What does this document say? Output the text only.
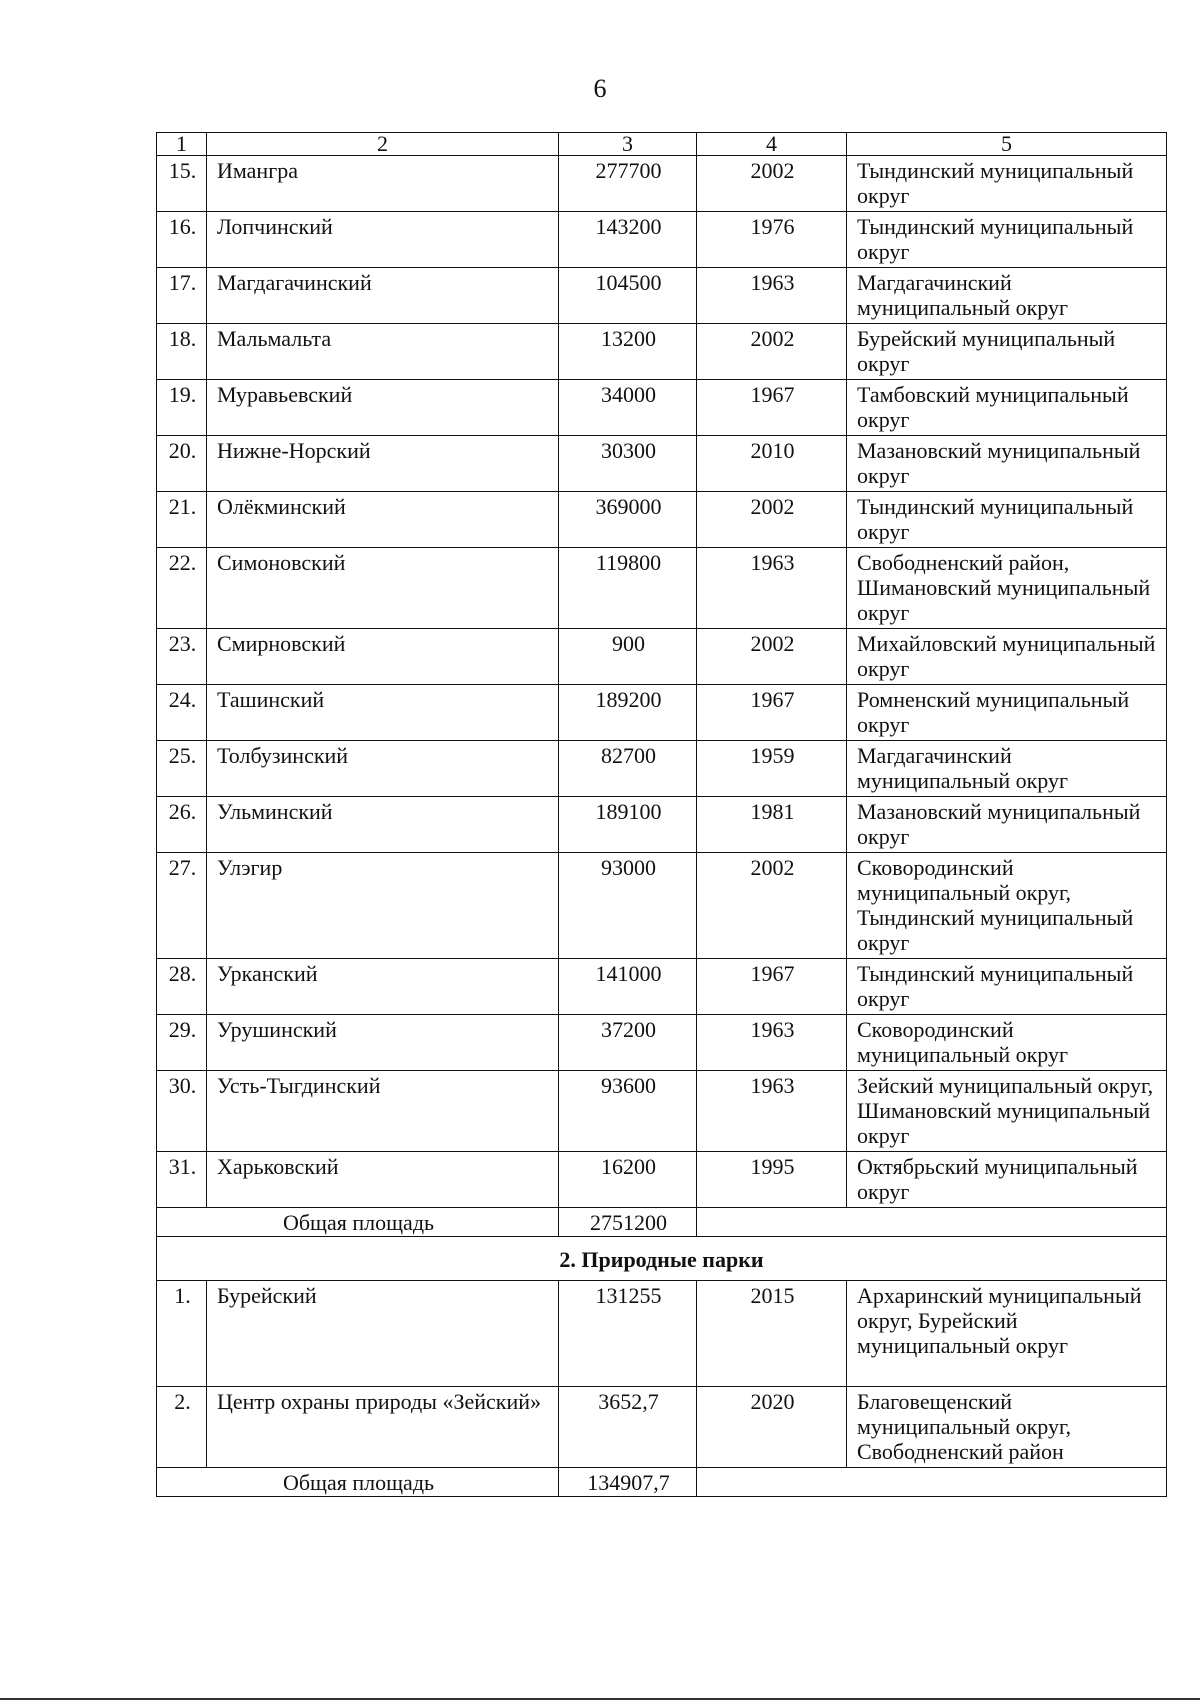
6
1	2	3	4	5
15.	Имангра	277700	2002	Тындинский муниципальный округ
16.	Лопчинский	143200	1976	Тындинский муниципальный округ
17.	Магдагачинский	104500	1963	Магдагачинский муниципальный округ
18.	Мальмальта	13200	2002	Бурейский муниципальный округ
19.	Муравьевский	34000	1967	Тамбовский муниципальный округ
20.	Нижне-Норский	30300	2010	Мазановский муниципальный округ
21.	Олёкминский	369000	2002	Тындинский муниципальный округ
22.	Симоновский	119800	1963	Свободненский район, Шимановский муниципальный округ
23.	Смирновский	900	2002	Михайловский муниципальный округ
24.	Ташинский	189200	1967	Ромненский муниципальный округ
25.	Толбузинский	82700	1959	Магдагачинский муниципальный округ
26.	Ульминский	189100	1981	Мазановский муниципальный округ
27.	Улэгир	93000	2002	Сковородинский муниципальный округ, Тындинский муниципальный округ
28.	Урканский	141000	1967	Тындинский муниципальный округ
29.	Урушинский	37200	1963	Сковородинский муниципальный округ
30.	Усть-Тыгдинский	93600	1963	Зейский муниципальный округ, Шимановский муниципальный округ
31.	Харьковский	16200	1995	Октябрьский муниципальный округ
Общая площадь		2751200		
2. Природные парки				
1.	Бурейский	131255	2015	Архаринский муниципальный округ, Бурейский муниципальный округ
2.	Центр охраны природы «Зейский»	3652,7	2020	Благовещенский муниципальный округ, Свободненский район
Общая площадь		134907,7		
